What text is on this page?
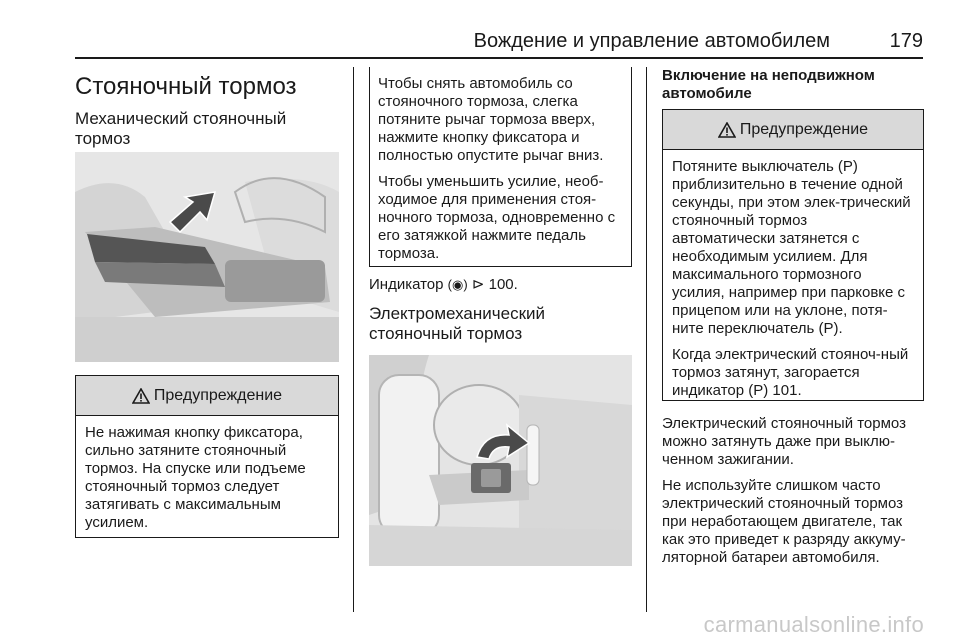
Вождение и управление автомобилем	179
Стояночный тормоз
Механический стояночный тормоз
Предупреждение

Не нажимая кнопку фиксатора, сильно затяните стояночный тормоз. На спуске или подъеме стояночный тормоз следует затягивать с максимальным усилием.

Чтобы снять автомобиль со стояночного тормоза, слегка потяните рычаг тормоза вверх, нажмите кнопку фиксатора и полностью опустите рычаг вниз.

Чтобы уменьшить усилие, необ-ходимое для применения стоя-ночного тормоза, одновременно с его затяжкой нажмите педаль тормоза.

Индикатор (◉) ⊳ 100.

Электромеханический стояночный тормоз
Включение на неподвижном автомобиле
Предупреждение

Потяните выключатель (P) приблизительно в течение одной секунды, при этом элек-трический стояночный тормоз автоматически затянется с необходимым усилием. Для максимального тормозного усилия, например при парковке с прицепом или на уклоне, потя-ните переключатель (P).

Когда электрический стояноч-ный тормоз затянут, загорается индикатор (P) 101.

Электрический стояночный тормоз можно затянуть даже при выклю-ченном зажигании.

Не используйте слишком часто электрический стояночный тормоз при неработающем двигателе, так как это приведет к разряду аккуму-ляторной батареи автомобиля.

carmanualsonline.info
